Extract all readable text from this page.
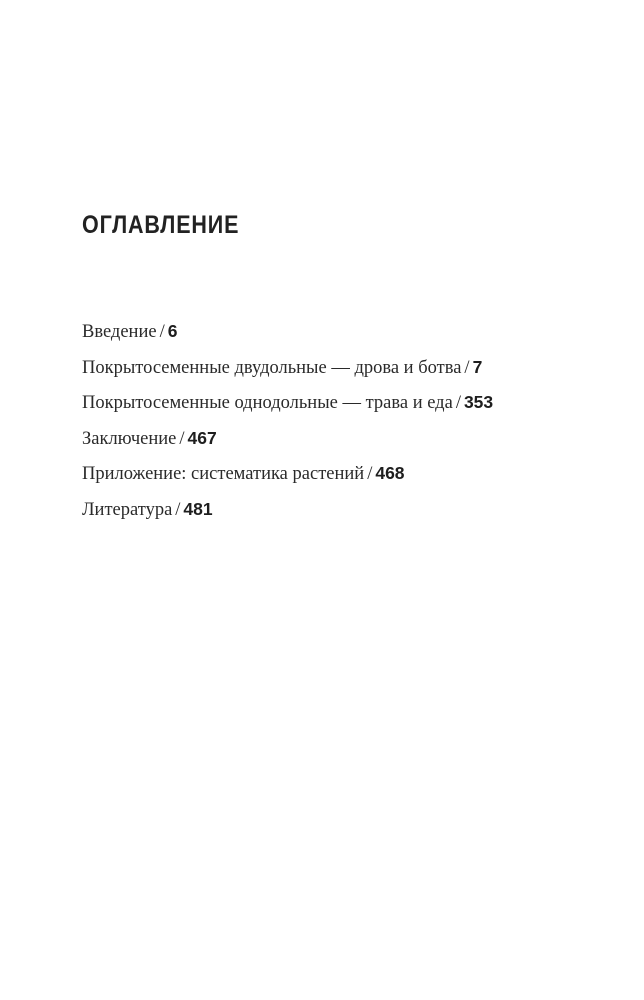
ОГЛАВЛЕНИЕ
Введение / 6
Покрытосеменные двудольные — дрова и ботва / 7
Покрытосеменные однодольные — трава и еда / 353
Заключение / 467
Приложение: систематика растений / 468
Литература / 481
